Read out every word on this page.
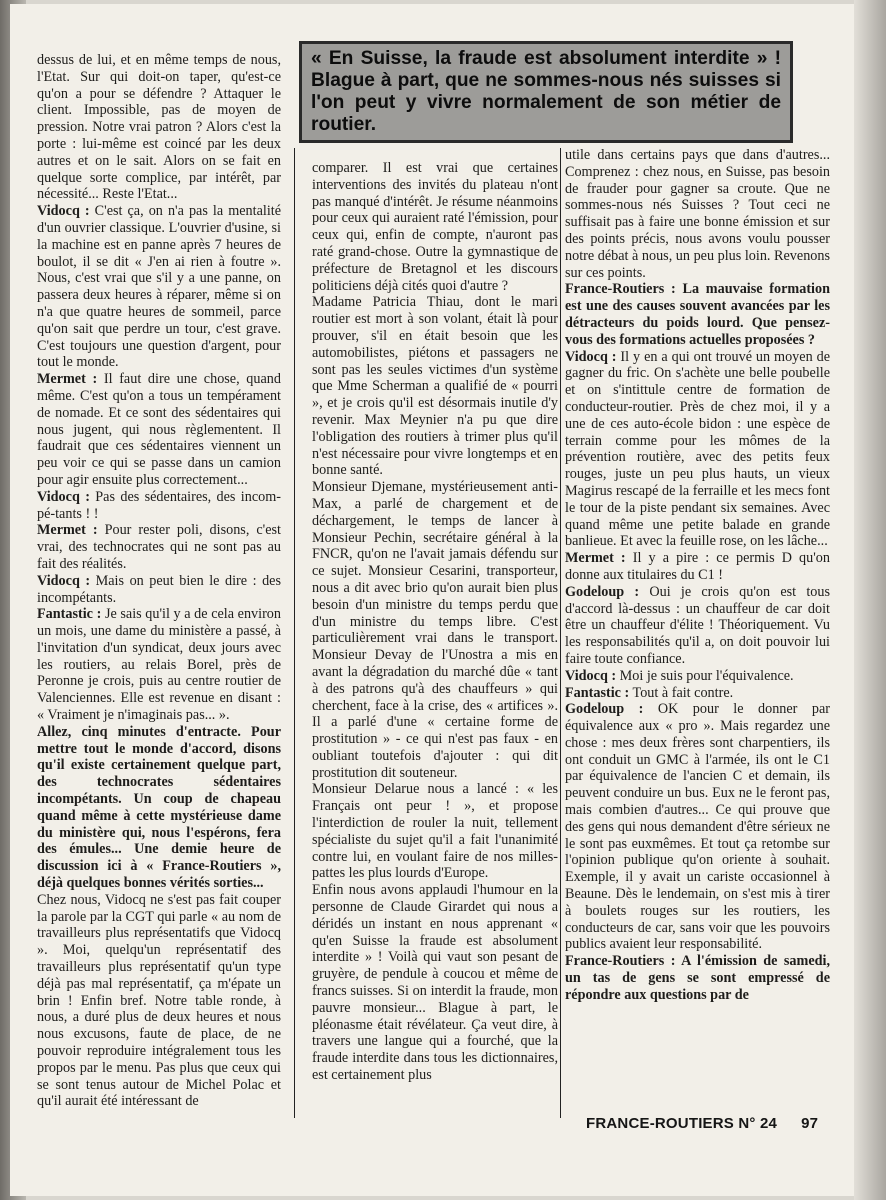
« En Suisse, la fraude est absolument interdite » ! Blague à part, que ne sommes-nous nés suisses si l'on peut y vivre normalement de son métier de routier.

dessus de lui, et en même temps de nous, l'Etat. Sur qui doit-on taper, qu'est-ce qu'on a pour se défendre ? Attaquer le client. Impossible, pas de moyen de pression. Notre vrai patron ? Alors c'est la porte : lui-même est coincé par les deux autres et on le sait. Alors on se fait en quelque sorte complice, par intérêt, par nécessité... Reste l'Etat...

Vidocq : C'est ça, on n'a pas la mentalité d'un ouvrier classique. L'ouvrier d'usine, si la machine est en panne après 7 heures de boulot, il se dit « J'en ai rien à foutre ». Nous, c'est vrai que s'il y a une panne, on passera deux heures à réparer, même si on n'a que quatre heures de sommeil, parce qu'on sait que perdre un tour, c'est grave. C'est toujours une question d'argent, pour tout le monde.

Mermet : Il faut dire une chose, quand même. C'est qu'on a tous un tempérament de nomade. Et ce sont des sédentaires qui nous jugent, qui nous règlementent. Il faudrait que ces sédentaires viennent un peu voir ce qui se passe dans un camion pour agir ensuite plus correctement...

Vidocq : Pas des sédentaires, des incom-pé-tants ! !

Mermet : Pour rester poli, disons, c'est vrai, des technocrates qui ne sont pas au fait des réalités.

Vidocq : Mais on peut bien le dire : des incompétants.

Fantastic : Je sais qu'il y a de cela environ un mois, une dame du ministère a passé, à l'invitation d'un syndicat, deux jours avec les routiers, au relais Borel, près de Peronne je crois, puis au centre routier de Valenciennes. Elle est revenue en disant : « Vraiment je n'imaginais pas... ».

Allez, cinq minutes d'entracte. Pour mettre tout le monde d'accord, disons qu'il existe certainement quelque part, des technocrates sédentaires incompétants. Un coup de chapeau quand même à cette mystérieuse dame du ministère qui, nous l'espérons, fera des émules... Une demie heure de discussion ici à « France-Routiers », déjà quelques bonnes vérités sorties...

Chez nous, Vidocq ne s'est pas fait couper la parole par la CGT qui parle « au nom de travailleurs plus représentatifs que Vidocq ». Moi, quelqu'un représentatif des travailleurs plus représentatif qu'un type déjà pas mal représentatif, ça m'épate un brin ! Enfin bref. Notre table ronde, à nous, a duré plus de deux heures et nous nous excusons, faute de place, de ne pouvoir reproduire intégralement tous les propos par le menu. Pas plus que ceux qui se sont tenus autour de Michel Polac et qu'il aurait été intéressant de

comparer. Il est vrai que certaines interventions des invités du plateau n'ont pas manqué d'intérêt. Je résume néanmoins pour ceux qui auraient raté l'émission, pour ceux qui, enfin de compte, n'auront pas raté grand-chose. Outre la gymnastique de préfecture de Bretagnol et les discours politiciens déjà cités quoi d'autre ?

Madame Patricia Thiau, dont le mari routier est mort à son volant, était là pour prouver, s'il en était besoin que les automobilistes, piétons et passagers ne sont pas les seules victimes d'un système que Mme Scherman a qualifié de « pourri », et je crois qu'il est désormais inutile d'y revenir. Max Meynier n'a pu que dire l'obligation des routiers à trimer plus qu'il n'est nécessaire pour vivre longtemps et en bonne santé.

Monsieur Djemane, mystérieusement anti-Max, a parlé de chargement et de déchargement, le temps de lancer à Monsieur Pechin, secrétaire général à la FNCR, qu'on ne l'avait jamais défendu sur ce sujet. Monsieur Cesarini, transporteur, nous a dit avec brio qu'on aurait bien plus besoin d'un ministre du temps perdu que d'un ministre du temps libre. C'est particulièrement vrai dans le transport. Monsieur Devay de l'Unostra a mis en avant la dégradation du marché dûe « tant à des patrons qu'à des chauffeurs » qui cherchent, face à la crise, des « artifices ». Il a parlé d'une « certaine forme de prostitution » - ce qui n'est pas faux - en oubliant toutefois d'ajouter : qui dit prostitution dit souteneur.

Monsieur Delarue nous a lancé : « les Français ont peur ! », et propose l'interdiction de rouler la nuit, tellement spécialiste du sujet qu'il a fait l'unanimité contre lui, en voulant faire de nos milles-pattes les plus lourds d'Europe.

Enfin nous avons applaudi l'humour en la personne de Claude Girardet qui nous a déridés un instant en nous apprenant « qu'en Suisse la fraude est absolument interdite » ! Voilà qui vaut son pesant de gruyère, de pendule à coucou et même de francs suisses. Si on interdit la fraude, mon pauvre monsieur... Blague à part, le pléonasme était révélateur. Ça veut dire, à travers une langue qui a fourché, que la fraude interdite dans tous les dictionnaires, est certainement plus

utile dans certains pays que dans d'autres... Comprenez : chez nous, en Suisse, pas besoin de frauder pour gagner sa croute. Que ne sommes-nous nés Suisses ? Tout ceci ne suffisait pas à faire une bonne émission et sur des points précis, nous avons voulu pousser notre débat à nous, un peu plus loin. Revenons sur ces points.

France-Routiers : La mauvaise formation est une des causes souvent avancées par les détracteurs du poids lourd. Que pensez-vous des formations actuelles proposées ?

Vidocq : Il y en a qui ont trouvé un moyen de gagner du fric. On s'achète une belle poubelle et on s'intittule centre de formation de conducteur-routier. Près de chez moi, il y a une de ces auto-école bidon : une espèce de terrain comme pour les mômes de la prévention routière, avec des petits feux rouges, juste un peu plus hauts, un vieux Magirus rescapé de la ferraille et les mecs font le tour de la piste pendant six semaines. Avec quand même une petite balade en grande banlieue. Et avec la feuille rose, on les lâche...

Mermet : Il y a pire : ce permis D qu'on donne aux titulaires du C1 !

Godeloup : Oui je crois qu'on est tous d'accord là-dessus : un chauffeur de car doit être un chauffeur d'élite ! Théoriquement. Vu les responsabilités qu'il a, on doit pouvoir lui faire toute confiance.

Vidocq : Moi je suis pour l'équivalence.

Fantastic : Tout à fait contre.

Godeloup : OK pour le donner par équivalence aux « pro ». Mais regardez une chose : mes deux frères sont charpentiers, ils ont conduit un GMC à l'armée, ils ont le C1 par équivalence de l'ancien C et demain, ils peuvent conduire un bus. Eux ne le feront pas, mais combien d'autres... Ce qui prouve que des gens qui nous demandent d'être sérieux ne le sont pas euxmêmes. Et tout ça retombe sur l'opinion publique qu'on oriente à souhait. Exemple, il y avait un cariste occasionnel à Beaune. Dès le lendemain, on s'est mis à tirer à boulets rouges sur les routiers, les conducteurs de car, sans voir que les pouvoirs publics avaient leur responsabilité.

France-Routiers : A l'émission de samedi, un tas de gens se sont empressé de répondre aux questions par de

FRANCE-ROUTIERS N° 24 97
